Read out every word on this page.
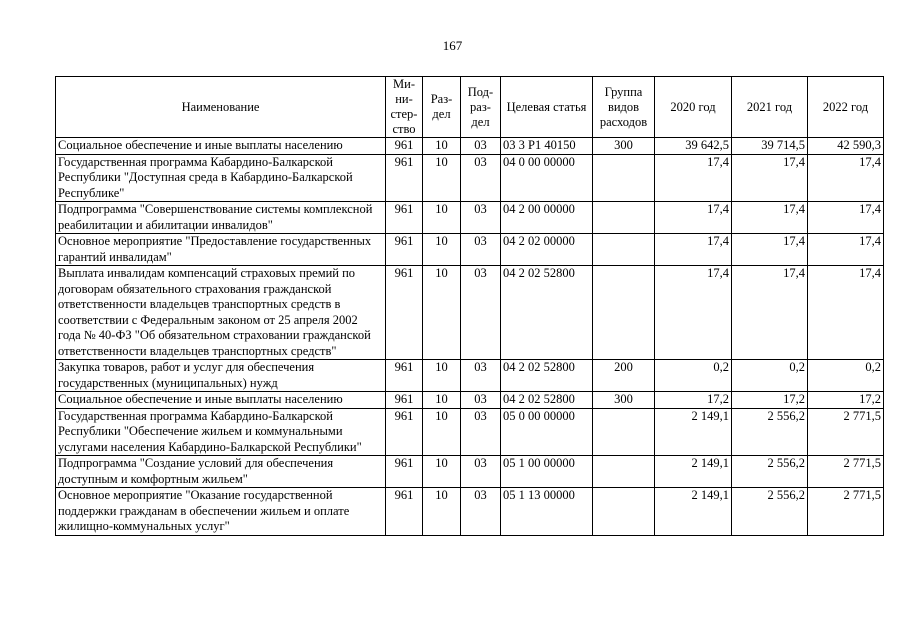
167
Наименование	Ми- ни- стер- ство	Раз- дел	Под- раз- дел	Целевая статья	Группа видов расходов	2020 год	2021 год	2022 год
Социальное обеспечение и иные выплаты населению	961	10	03	03 3 P1 40150	300	39 642,5	39 714,5	42 590,3
Государственная программа Кабардино-Балкарской Республики "Доступная среда в Кабардино-Балкарской Республике"	961	10	03	04 0 00 00000		17,4	17,4	17,4
Подпрограмма "Совершенствование системы комплексной реабилитации и абилитации инвалидов"	961	10	03	04 2 00 00000		17,4	17,4	17,4
Основное мероприятие "Предоставление государственных гарантий инвалидам"	961	10	03	04 2 02 00000		17,4	17,4	17,4
Выплата инвалидам компенсаций страховых премий по договорам обязательного страхования гражданской ответственности владельцев транспортных средств в соответствии с Федеральным законом от 25 апреля 2002 года № 40-ФЗ "Об обязательном страховании гражданской ответственности владельцев транспортных средств"	961	10	03	04 2 02 52800		17,4	17,4	17,4
Закупка товаров, работ и услуг для обеспечения государственных (муниципальных) нужд	961	10	03	04 2 02 52800	200	0,2	0,2	0,2
Социальное обеспечение и иные выплаты населению	961	10	03	04 2 02 52800	300	17,2	17,2	17,2
Государственная программа Кабардино-Балкарской Республики "Обеспечение жильем и коммунальными услугами населения Кабардино-Балкарской Республики"	961	10	03	05 0 00 00000		2 149,1	2 556,2	2 771,5
Подпрограмма "Создание условий для обеспечения доступным и комфортным жильем"	961	10	03	05 1 00 00000		2 149,1	2 556,2	2 771,5
Основное мероприятие "Оказание государственной поддержки гражданам в обеспечении жильем и оплате жилищно-коммунальных услуг"	961	10	03	05 1 13 00000		2 149,1	2 556,2	2 771,5
